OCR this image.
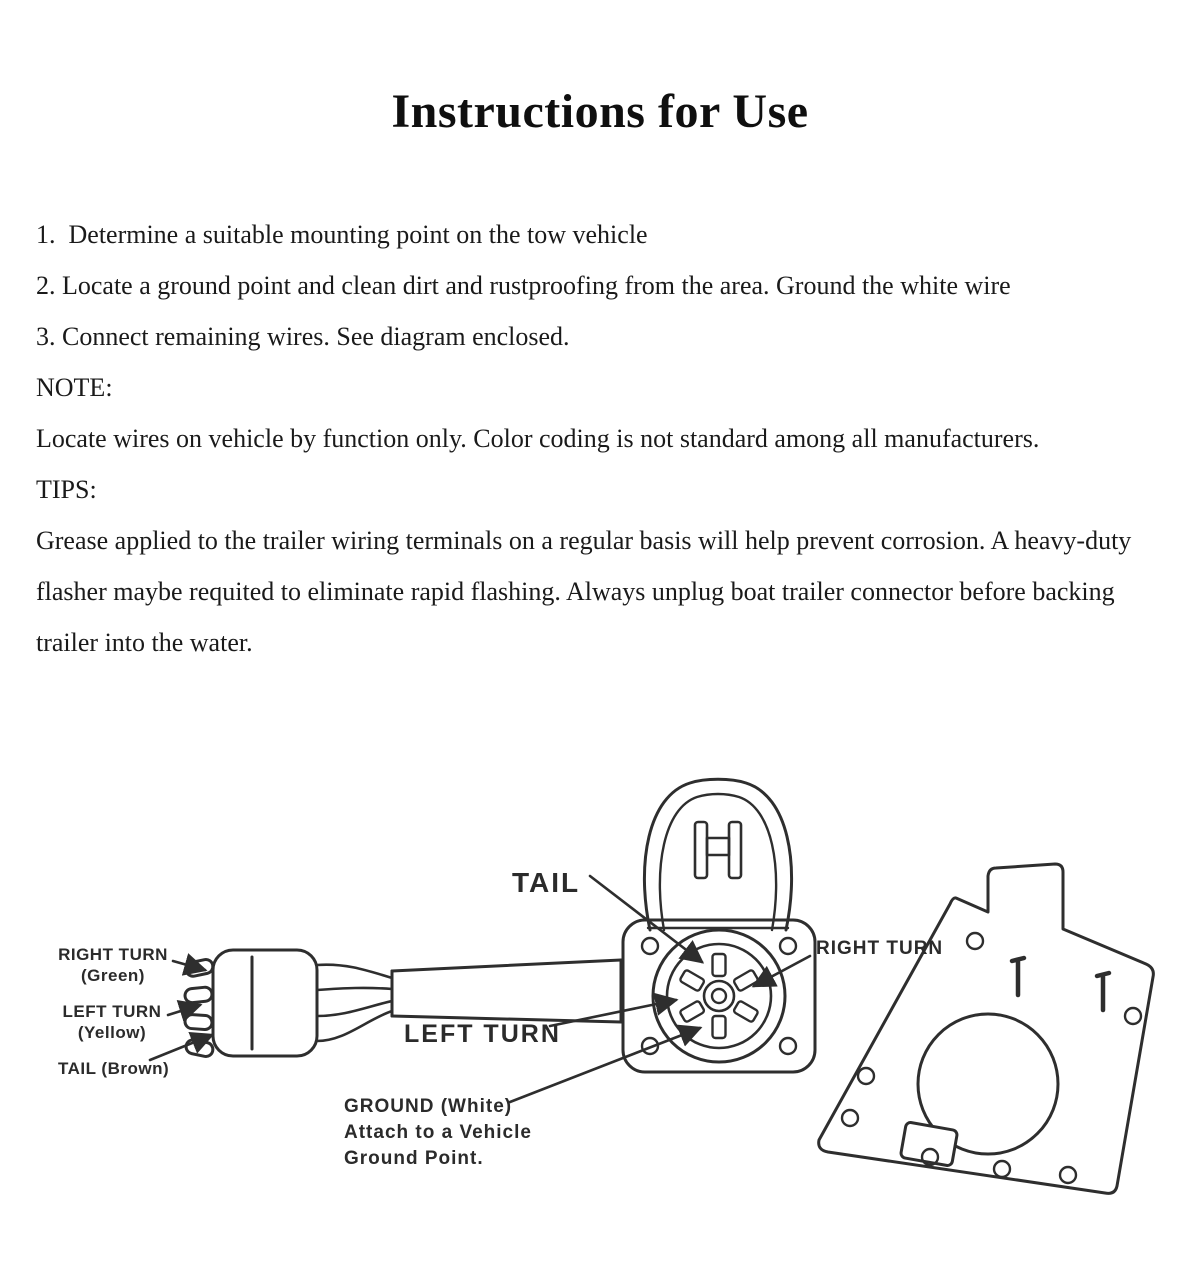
Instructions for Use

1.  Determine a suitable mounting point on the tow vehicle

2. Locate a ground point and clean dirt and rustproofing from the area. Ground the white wire

3. Connect remaining wires. See diagram enclosed.

NOTE:

Locate wires on vehicle by function only. Color coding is not standard among all manufacturers.

TIPS:

Grease applied to the trailer wiring terminals on a regular basis will help prevent corrosion. A heavy-duty flasher maybe requited to eliminate rapid flashing. Always unplug boat trailer connector before backing trailer into the water.

TAIL
LEFT TURN
RIGHT TURN
GROUND (White)
Attach to a Vehicle
Ground Point.
RIGHT TURN
(Green)
LEFT TURN
(Yellow)
TAIL (Brown)
